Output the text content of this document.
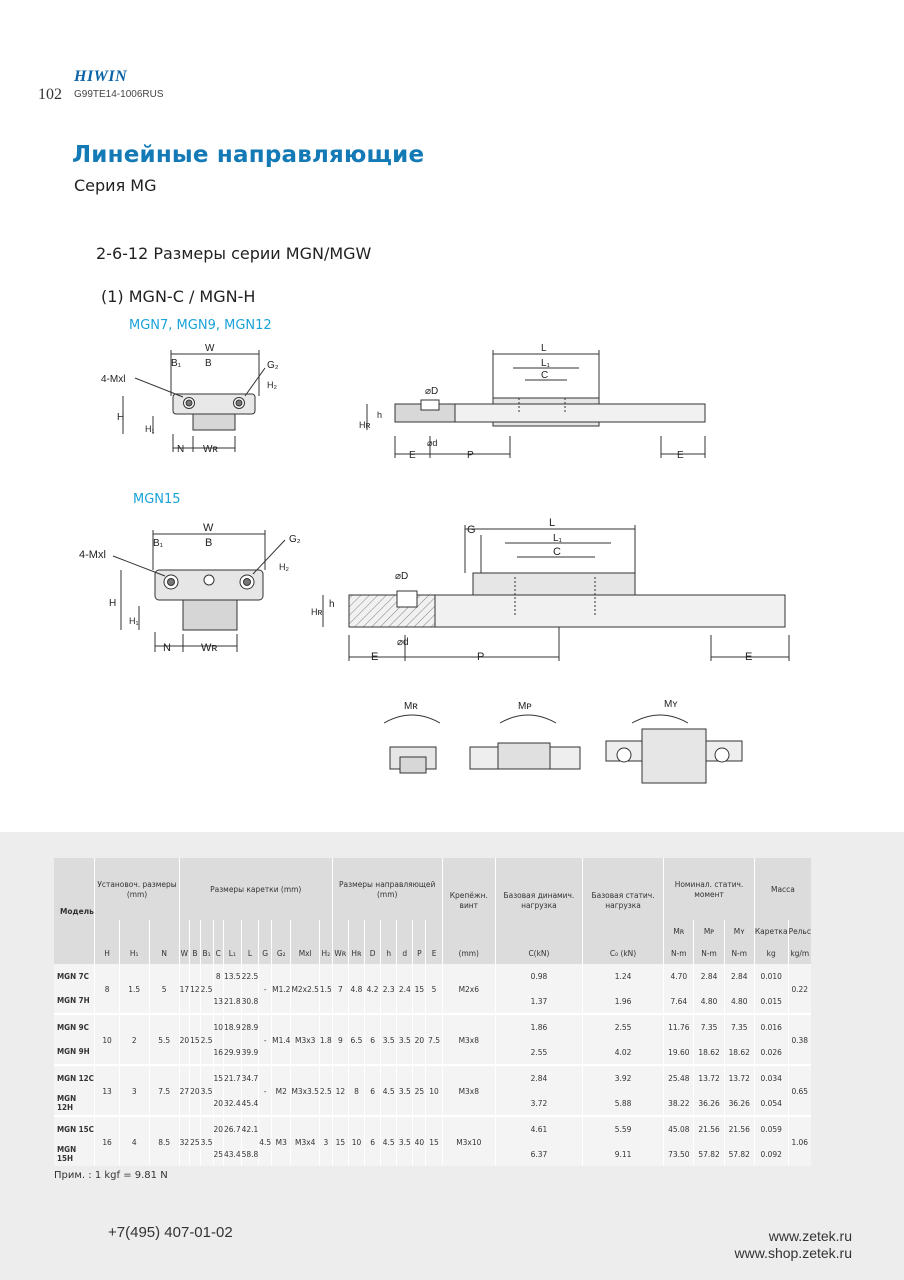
HIWIN
102 G99TE14-1006RUS
Линейные направляющие
Серия MG
2-6-12 Размеры серии MGN/MGW
(1) MGN-C / MGN-H
MGN7, MGN9, MGN12
MGN15
W
B₁ B	G₂
4-Mxl	H₂
H
H₁
N Wʀ
L
L₁
C
⌀D
⌀d
Hʀ
h
E	P	E
W
B₁	B	G₂
4-Mxl
H₂
H
H₁
N	Wʀ
L
G
L₁
C
⌀D
⌀d
Hʀ
h
E	P	E
Mʀ	Mᴘ	Mʏ
Модель	Установоч. размеры (mm)			Размеры каретки (mm)										Размеры направляющей (mm)							Крепёжн. винт	Базовая динамич. нагрузка	Базовая статич. нагрузка	Номинал. статич. момент			Масса	
																								Mʀ	Mᴘ	Mʏ	Каретка	Рельс
	H	H₁	N	W	B	B₁	C	L₁	L	G	G₂	Mxl	H₂	Wʀ	Hʀ	D	h	d	P	E	(mm)	C(kN)	C₀ (kN)	N-m	N-m	N-m	kg	kg/m
MGN 7C	8	1.5	5	17	12	2.5	8	13.5	22.5	-	M1.2	M2x2.5	1.5	7	4.8	4.2	2.3	2.4	15	5	M2x6	0.98	1.24	4.70	2.84	2.84	0.010	0.22
MGN 7H							13	21.8	30.8													1.37	1.96	7.64	4.80	4.80	0.015	
MGN 9C	10	2	5.5	20	15	2.5	10	18.9	28.9	-	M1.4	M3x3	1.8	9	6.5	6	3.5	3.5	20	7.5	M3x8	1.86	2.55	11.76	7.35	7.35	0.016	0.38
MGN 9H							16	29.9	39.9													2.55	4.02	19.60	18.62	18.62	0.026	
MGN 12C	13	3	7.5	27	20	3.5	15	21.7	34.7	-	M2	M3x3.5	2.5	12	8	6	4.5	3.5	25	10	M3x8	2.84	3.92	25.48	13.72	13.72	0.034	0.65
MGN 12H							20	32.4	45.4													3.72	5.88	38.22	36.26	36.26	0.054	
MGN 15C	16	4	8.5	32	25	3.5	20	26.7	42.1	4.5	M3	M3x4	3	15	10	6	4.5	3.5	40	15	M3x10	4.61	5.59	45.08	21.56	21.56	0.059	1.06
MGN 15H							25	43.4	58.8													6.37	9.11	73.50	57.82	57.82	0.092	
Прим. : 1 kgf = 9.81 N
+7(495) 407-01-02	www.zetek.ru
www.shop.zetek.ru
